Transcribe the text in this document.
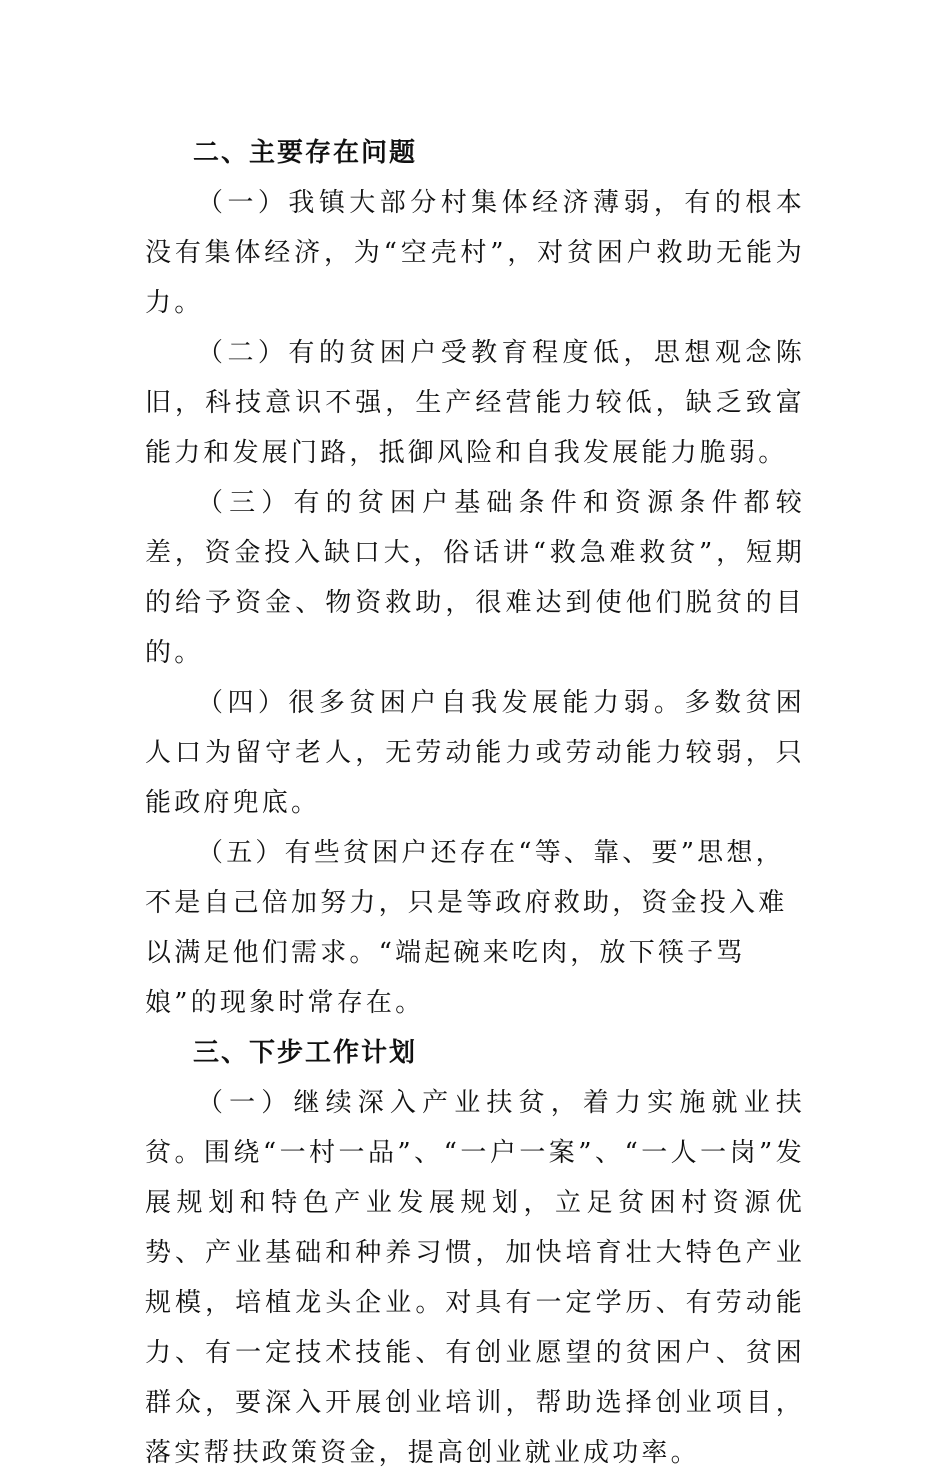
二、主要存在问题

（一）我镇大部分村集体经济薄弱，有的根本没有集体经济，为“空壳村”，对贫困户救助无能为力。

（二）有的贫困户受教育程度低，思想观念陈旧，科技意识不强，生产经营能力较低，缺乏致富能力和发展门路，抵御风险和自我发展能力脆弱。

（三）有的贫困户基础条件和资源条件都较差，资金投入缺口大，俗话讲“救急难救贫”，短期的给予资金、物资救助，很难达到使他们脱贫的目的。

（四）很多贫困户自我发展能力弱。多数贫困人口为留守老人，无劳动能力或劳动能力较弱，只能政府兜底。

（五）有些贫困户还存在“等、靠、要”思想，不是自己倍加努力，只是等政府救助，资金投入难以满足他们需求。“端起碗来吃肉，放下筷子骂娘”的现象时常存在。

三、下步工作计划

（一）继续深入产业扶贫，着力实施就业扶贫。围绕“一村一品”、“一户一案”、“一人一岗”发展规划和特色产业发展规划，立足贫困村资源优势、产业基础和种养习惯，加快培育壮大特色产业规模，培植龙头企业。对具有一定学历、有劳动能力、有一定技术技能、有创业愿望的贫困户、贫困群众，要深入开展创业培训，帮助选择创业项目，落实帮扶政策资金，提高创业就业成功率。
